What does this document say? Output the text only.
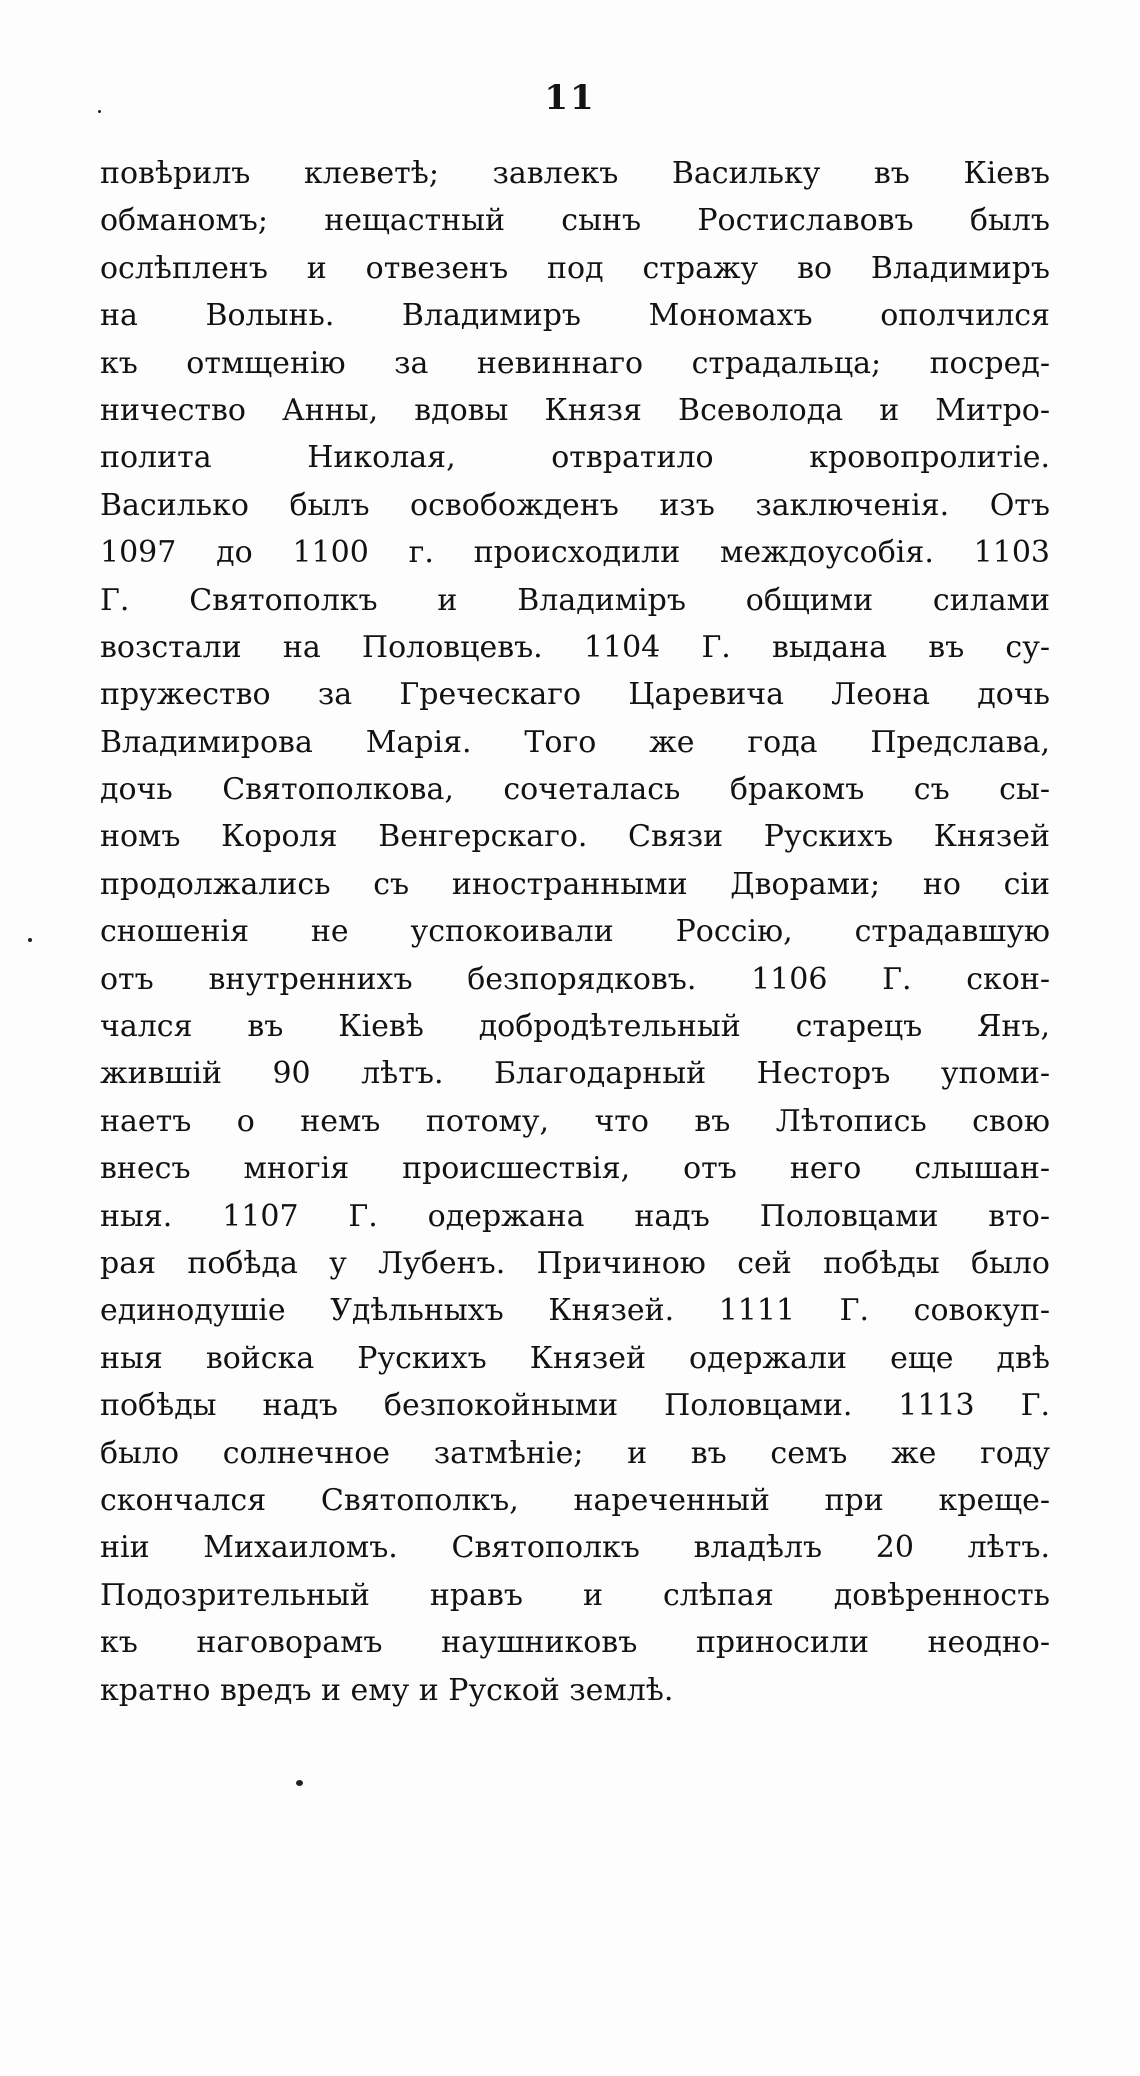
11
повѣрилъ клеветѣ; завлекъ Васильку въ Кіевъ
обманомъ; нещастный сынъ Ростиславовъ былъ
ослѣпленъ и отвезенъ под стражу во Владимиръ
на Волынь. Владимиръ Мономахъ ополчился
къ отмщенію за невиннаго страдальца; посред-
ничество Анны, вдовы Князя Всеволода и Митро-
полита Николая, отвратило кровопролитіе.
Василько былъ освобожденъ изъ заключенія. Отъ
1097 до 1100 г. происходили междоусобія. 1103
Г. Святополкъ и Владиміръ общими силами
возстали на Половцевъ. 1104 Г. выдана въ су-
пружество за Греческаго Царевича Леона дочь
Владимирова Марія. Того же года Предслава,
дочь Святополкова, сочеталась бракомъ съ сы-
номъ Короля Венгерскаго. Связи Рускихъ Князей
продолжались съ иностранными Дворами; но сіи
сношенія не успокоивали Россію, страдавшую
отъ внутреннихъ безпорядковъ. 1106 Г. скон-
чался въ Кіевѣ добродѣтельный старецъ Янъ,
жившій 90 лѣтъ. Благодарный Несторъ упоми-
наетъ о немъ потому, что въ Лѣтопись свою
внесъ многія происшествія, отъ него слышан-
ныя. 1107 Г. одержана надъ Половцами вто-
рая побѣда у Лубенъ. Причиною сей побѣды было
единодушіе Удѣльныхъ Князей. 1111 Г. совокуп-
ныя войска Рускихъ Князей одержали еще двѣ
побѣды надъ безпокойными Половцами. 1113 Г.
было солнечное затмѣніе; и въ семъ же году
скончался Святополкъ, нареченный при креще-
ніи Михаиломъ. Святополкъ владѣлъ 20 лѣтъ.
Подозрительный нравъ и слѣпая довѣренность
къ наговорамъ наушниковъ приносили неодно-
кратно вредъ и ему и Руской землѣ.
